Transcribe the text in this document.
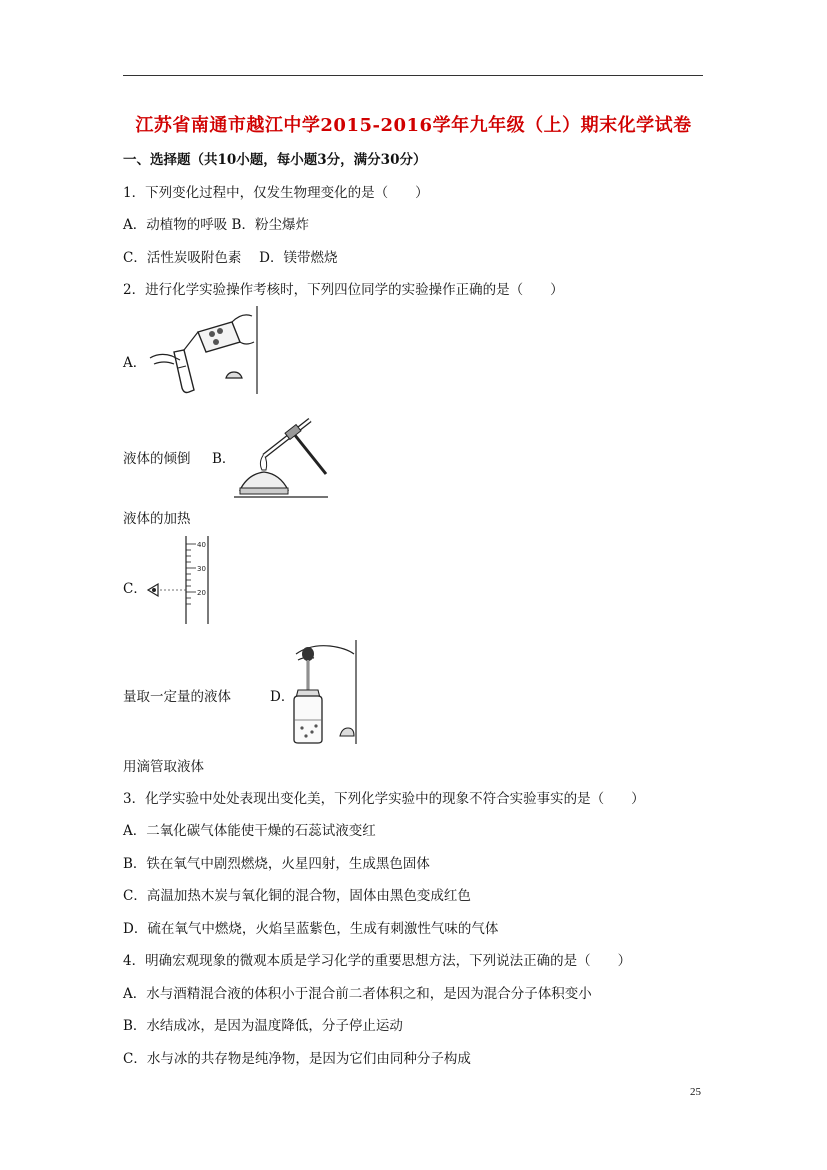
江苏省南通市越江中学2015-2016学年九年级（上）期末化学试卷
一、选择题（共10小题，每小题3分，满分30分）
1．下列变化过程中，仅发生物理变化的是（　　）
A．动植物的呼吸 B．粉尘爆炸
C．活性炭吸附色素　 D．镁带燃烧
2．进行化学实验操作考核时，下列四位同学的实验操作正确的是（　　）
A．
液体的倾倒 B．
液体的加热
C．
40
30
20
量取一定量的液体	D．
用滴管取液体
3．化学实验中处处表现出变化美，下列化学实验中的现象不符合实验事实的是（　　）
A．二氧化碳气体能使干燥的石蕊试液变红
B．铁在氧气中剧烈燃烧，火星四射，生成黑色固体
C．高温加热木炭与氧化铜的混合物，固体由黑色变成红色
D．硫在氧气中燃烧，火焰呈蓝紫色，生成有刺激性气味的气体
4．明确宏观现象的微观本质是学习化学的重要思想方法，下列说法正确的是（　　）
A．水与酒精混合液的体积小于混合前二者体积之和，是因为混合分子体积变小
B．水结成冰，是因为温度降低，分子停止运动
C．水与冰的共存物是纯净物，是因为它们由同种分子构成
25
